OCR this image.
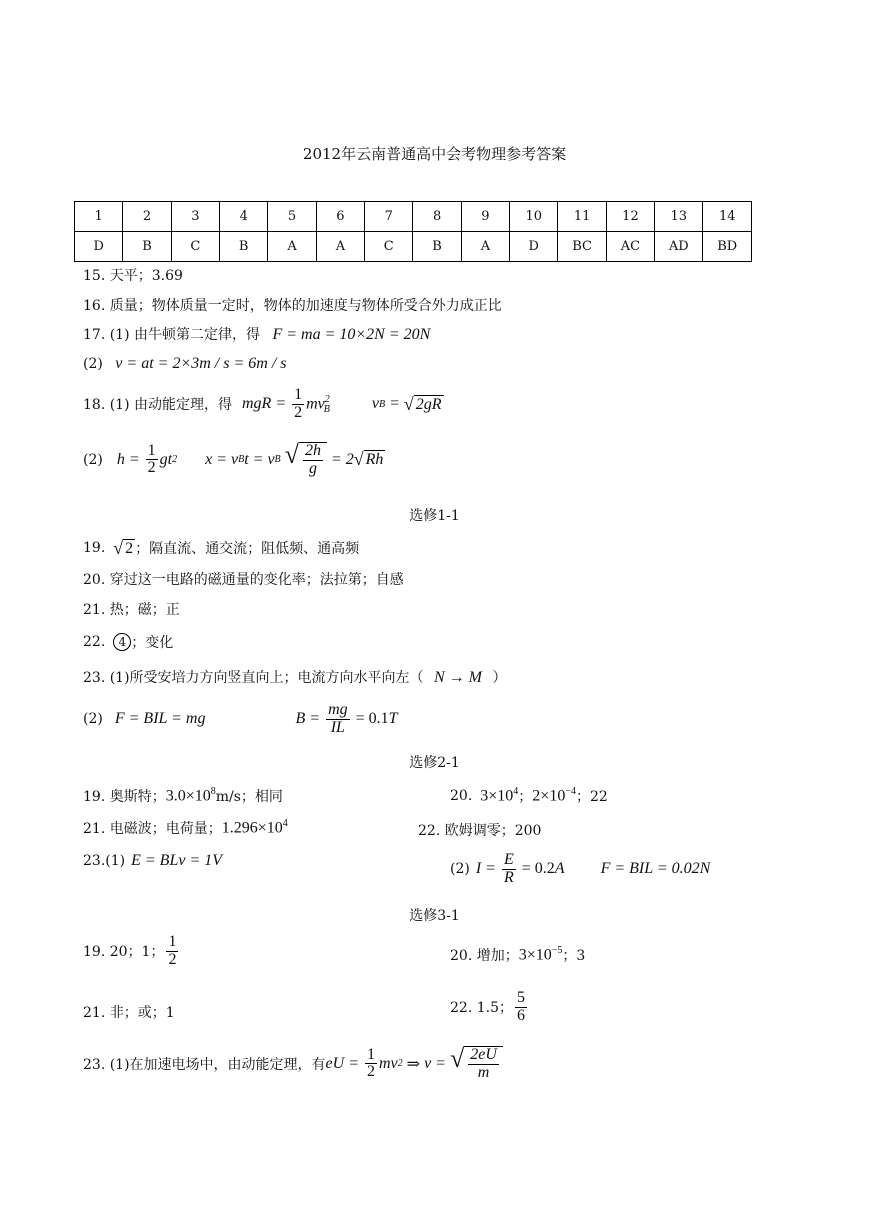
2012年云南普通高中会考物理参考答案
1	2	3	4	5	6	7	8	9	10	11	12	13	14
D	B	C	B	A	A	C	B	A	D	BC	AC	AD	BD
15. 天平；3.69
16. 质量；物体质量一定时，物体的加速度与物体所受合外力成正比
17. (1) 由牛顿第二定律，得 F = ma = 10×2N = 20N
(2) v = at = 2×3m / s = 6m / s
18. (1) 由动能定理，得 mgR = $\frac{1}{2} mv^2_B$	v B = √ 2gR
(2) $h = \frac{1}{2}$ gt 2 x = v B t = v B
√ $\frac{2h}{g} = 2$ √ Rh
选修1-1
19. √ 2 ；隔直流、通交流；阻低频、通高频
20. 穿过这一电路的磁通量的变化率；法拉第；自感
21. 热；磁；正
22.	4 ；变化
23. (1)所受安培力方向竖直向上；电流方向水平向左（ N → M ）
(2) F = BIL = mg	$B = \frac{mg}{IL}$
= 0.1 T
选修2-1
19. 奥斯特； $3.0\times 10^8$ m/s；相同	20. $3\times 10^4$ ； $2\times 10^{-4}$ ；22
21. 电磁波；电荷量； $1.296\times 10^4$	22. 欧姆调零；200
23.(1) E = BLv = 1V
(2) $I = \frac{E}{R}$
= 0.2 A F = BIL = 0.02N
选修3-1
19. 20；1； $\frac{1}{2}$	20. 增加； $3\times 10^{-5}$ ；3
21. 非；或；1	22. 1.5； $\frac{5}{6}$
23. (1)在加速电场中，由动能定理，有 eU = $\frac{1}{2}$ mv 2
⇒ v = √ $\frac{2eU}{m}$
